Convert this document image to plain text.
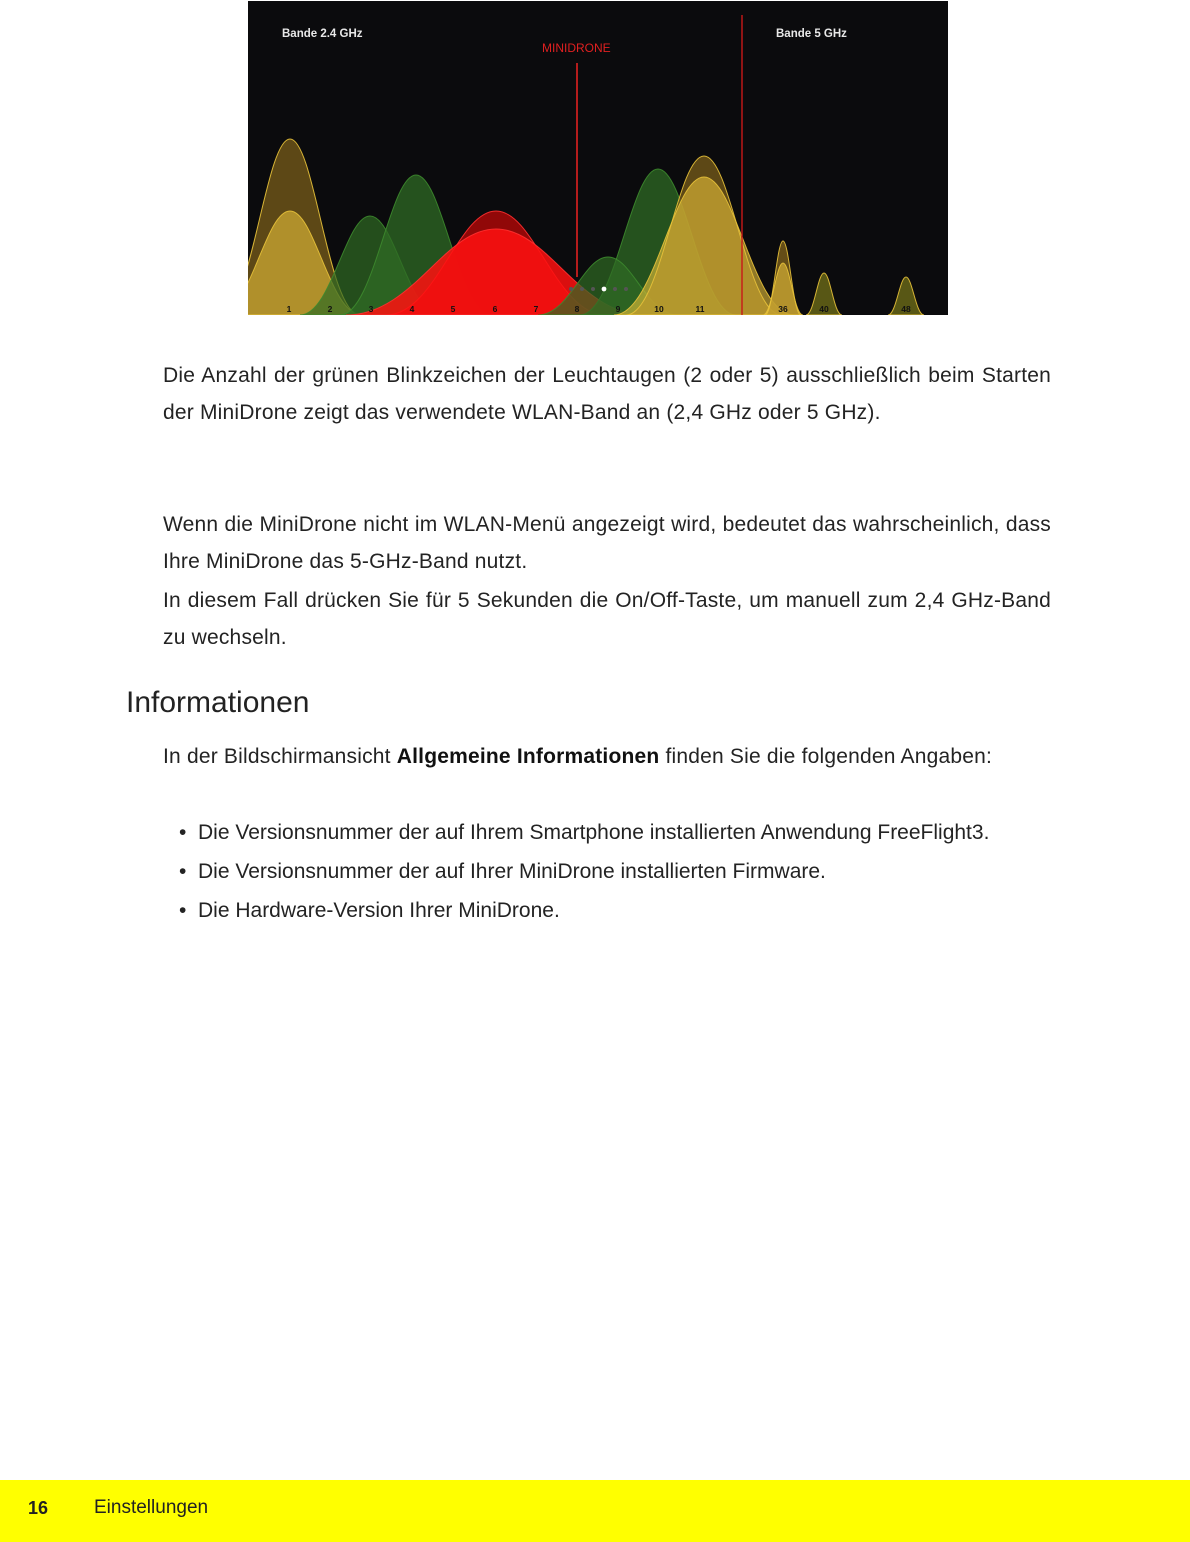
Bande 2.4 GHz	Bande 5 GHz
MINIDRONE
1	2	3	4	5	6	7	8	9	10	11	36	40	48

Die Anzahl der grünen Blinkzeichen der Leuchtaugen (2 oder 5) ausschließlich beim Starten der MiniDrone zeigt das verwendete WLAN-Band an (2,4 GHz oder 5 GHz).

Wenn die MiniDrone nicht im WLAN-Menü angezeigt wird, bedeutet das wahrscheinlich, dass Ihre MiniDrone das 5-GHz-Band nutzt.

In diesem Fall drücken Sie für 5 Sekunden die On/Off-Taste, um manuell zum 2,4 GHz-Band zu wechseln.

Informationen

In der Bildschirmansicht Allgemeine Informationen finden Sie die folgenden Angaben:

• Die Versionsnummer der auf Ihrem Smartphone installierten Anwendung FreeFlight3.
• Die Versionsnummer der auf Ihrer MiniDrone installierten Firmware.
• Die Hardware-Version Ihrer MiniDrone.
16 Einstellungen
